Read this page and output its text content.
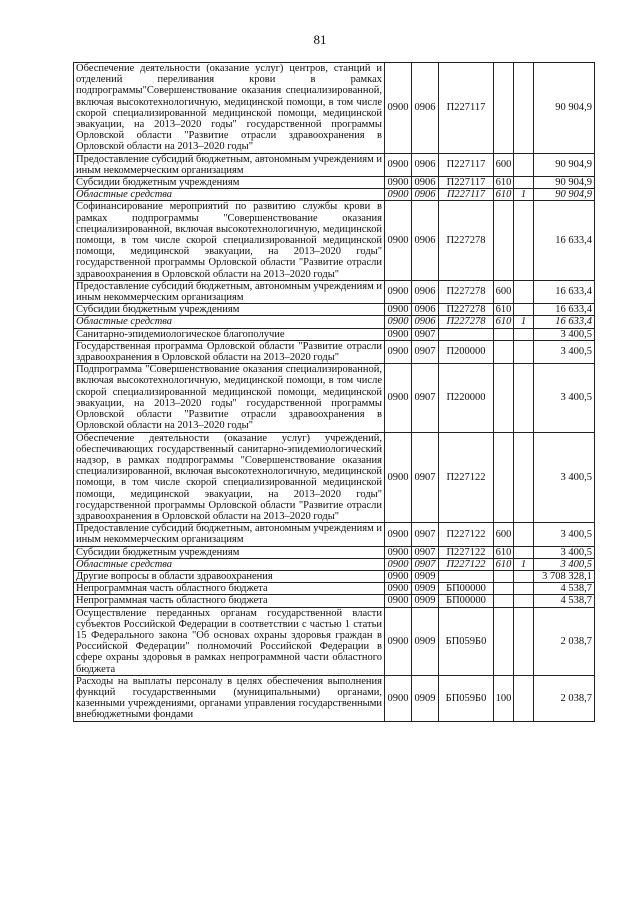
81
Обеспечение деятельности (оказание услуг) центров, станций и отделений переливания крови в рамках подпрограммы"Совершенствование оказания специализированной, включая высокотехнологичную, медицинской помощи, в том числе скорой специализированной медицинской помощи, медицинской эвакуации, на 2013–2020 годы" государственной программы Орловской области "Развитие отрасли здравоохранения в Орловской области на 2013–2020 годы"	0900	0906	П227117			90 904,9
Предоставление субсидий бюджетным, автономным учреждениям и иным некоммерческим организациям	0900	0906	П227117	600		90 904,9
Субсидии бюджетным учреждениям	0900	0906	П227117	610		90 904,9
Областные средства	0900	0906	П227117	610	1	90 904,9
Софинансирование мероприятий по развитию службы крови в рамках подпрограммы "Совершенствование оказания специализированной, включая высокотехнологичную, медицинской помощи, в том числе скорой специализированной медицинской помощи, медицинской эвакуации, на 2013–2020 годы" государственной программы Орловской области "Развитие отрасли здравоохранения в Орловской области на 2013–2020 годы"	0900	0906	П227278			16 633,4
Предоставление субсидий бюджетным, автономным учреждениям и иным некоммерческим организациям	0900	0906	П227278	600		16 633,4
Субсидии бюджетным учреждениям	0900	0906	П227278	610		16 633,4
Областные средства	0900	0906	П227278	610	1	16 633,4
Санитарно-эпидемиологическое благополучие	0900	0907				3 400,5
Государственная программа Орловской области "Развитие отрасли здравоохранения в Орловской области на 2013–2020 годы"	0900	0907	П200000			3 400,5
Подпрограмма "Совершенствование оказания специализированной, включая высокотехнологичную, медицинской помощи, в том числе скорой специализированной медицинской помощи, медицинской эвакуации, на 2013–2020 годы" государственной программы Орловской области "Развитие отрасли здравоохранения в Орловской области на 2013–2020 годы"	0900	0907	П220000			3 400,5
Обеспечение деятельности (оказание услуг) учреждений, обеспечивающих государственный санитарно-эпидемиологический надзор, в рамках подпрограммы "Совершенствование оказания специализированной, включая высокотехнологичную, медицинской помощи, в том числе скорой специализированной медицинской помощи, медицинской эвакуации, на 2013–2020 годы" государственной программы Орловской области "Развитие отрасли здравоохранения в Орловской области на 2013–2020 годы"	0900	0907	П227122			3 400,5
Предоставление субсидий бюджетным, автономным учреждениям и иным некоммерческим организациям	0900	0907	П227122	600		3 400,5
Субсидии бюджетным учреждениям	0900	0907	П227122	610		3 400,5
Областные средства	0900	0907	П227122	610	1	3 400,5
Другие вопросы в области здравоохранения	0900	0909				3 708 328,1
Непрограммная часть областного бюджета	0900	0909	БП00000			4 538,7
Непрограммная часть областного бюджета	0900	0909	БП00000			4 538,7
Осуществление переданных органам государственной власти субъектов Российской Федерации в соответствии с частью 1 статьи 15 Федерального закона "Об основах охраны здоровья граждан в Российской Федерации" полномочий Российской Федерации в сфере охраны здоровья в рамках непрограммной части областного бюджета	0900	0909	БП059Б0			2 038,7
Расходы на выплаты персоналу в целях обеспечения выполнения функций государственными (муниципальными) органами, казенными учреждениями, органами управления государственными внебюджетными фондами	0900	0909	БП059Б0	100		2 038,7
